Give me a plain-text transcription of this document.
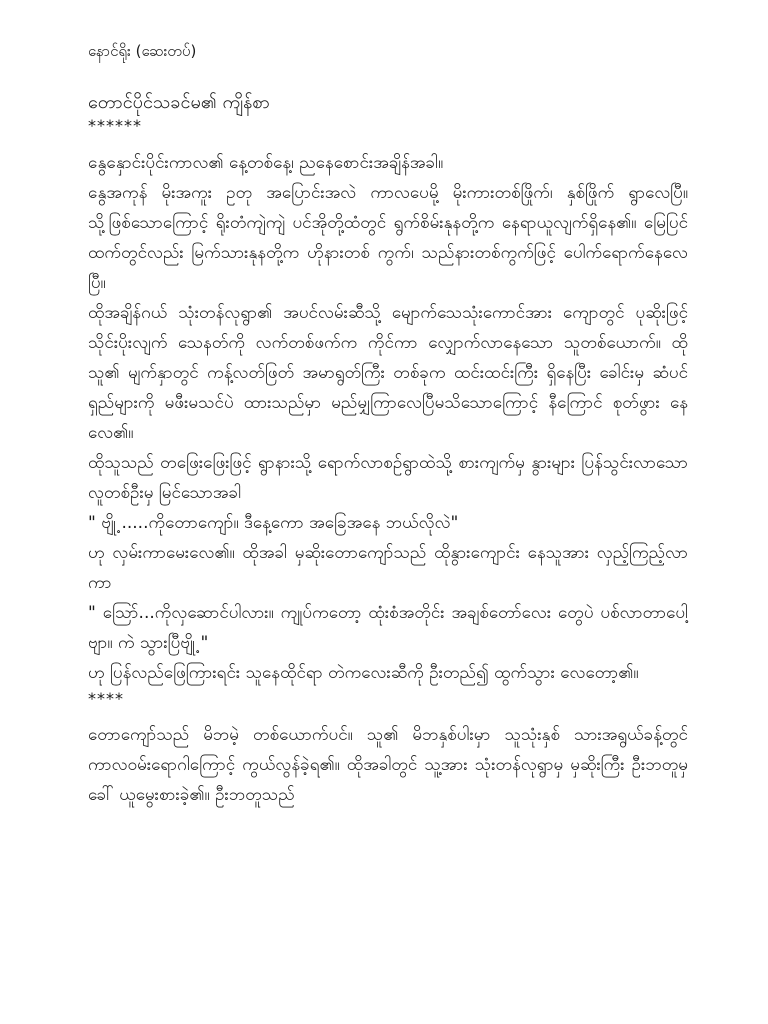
နောင်ရိုး (ဆေးတပ်)

တောင်ပိုင်သခင်မ၏ ကျိန်စာ

******

နွေနှောင်းပိုင်းကာလ၏ နေ့တစ်နေ့၊ ညနေစောင်းအချိန်အခါ။

နွေအကုန် မိုးအကူး ဥတု အပြောင်းအလဲ ကာလပေမို့ မိုးကားတစ်ဖြိုက်၊ နှစ်ဖြိုက် ရွာလေပြီ။ သို့ဖြစ်သောကြောင့် ရိုးတံကျဲကျဲ ပင်အိုတို့ထံတွင် ရွက်စိမ်းနုနတို့က နေရာယူလျက်ရှိနေ၏။ မြေပြင်ထက်တွင်လည်း မြက်သားနုနတို့က ဟိုနားတစ် ကွက်၊ သည်နားတစ်ကွက်ဖြင့် ပေါက်ရောက်နေလေပြီ။

ထိုအချိန်ဂယ် သုံးတန်လုရွာ၏ အပင်လမ်းဆီသို့ မျောက်သေသုံးကောင်အား ကျောတွင် ပုဆိုးဖြင့် သိုင်းပိုးလျက် သေနတ်ကို လက်တစ်ဖက်က ကိုင်ကာ လျှောက်လာနေသော သူတစ်ယောက်။ ထိုသူ၏ မျက်နှာတွင် ကန့်လတ်ဖြတ် အမာရွတ်ကြီး တစ်ခုက ထင်းထင်းကြီး ရှိနေပြီး ခေါင်းမှ ဆံပင်ရှည်များကို မဖီးမသင်ပဲ ထားသည်မှာ မည်မျှကြာလေပြီမသိသောကြောင့် နီကြောင် စုတ်ဖွား နေလေ၏။

ထိုသူသည် တဖြေးဖြေးဖြင့် ရွာနားသို့ ရောက်လာစဉ်ရွာထဲသို့ စားကျက်မှ နွားများ ပြန်သွင်းလာသော လူတစ်ဦးမှ မြင်သောအခါ

" ဗျို့ .....ကိုတောကျော်။ ဒီနေ့ကော အခြေအနေ ဘယ်လိုလဲ"

ဟု လှမ်းကာမေးလေ၏။ ထိုအခါ မှဆိုးတောကျော်သည် ထိုနွားကျောင်း နေသူအား လှည့်ကြည့်လာကာ

" သြော်...ကိုလှဆောင်ပါလား။ ကျုပ်ကတော့ ထုံးစံအတိုင်း အချစ်တော်လေး တွေပဲ ပစ်လာတာပေါ့ဗျာ။ ကဲ သွားပြီဗျို့ "

ဟု ပြန်လည်ဖြေကြားရင်း သူနေထိုင်ရာ တဲကလေးဆီကို ဦးတည်၍ ထွက်သွား လေတော့၏။

****

တောကျော်သည် မိဘမဲ့ တစ်ယောက်ပင်။ သူ၏ မိဘနှစ်ပါးမှာ သူသုံးနှစ် သားအရွယ်ခန့်တွင် ကာလဝမ်းရောဂါကြောင့် ကွယ်လွန်ခဲ့ရ၏။ ထိုအခါတွင် သူ့အား သုံးတန်လုရွာမှ မှဆိုးကြီး ဦးဘတူမှ ခေါ် ယူမွေးစားခဲ့၏။ ဦးဘတူသည်
